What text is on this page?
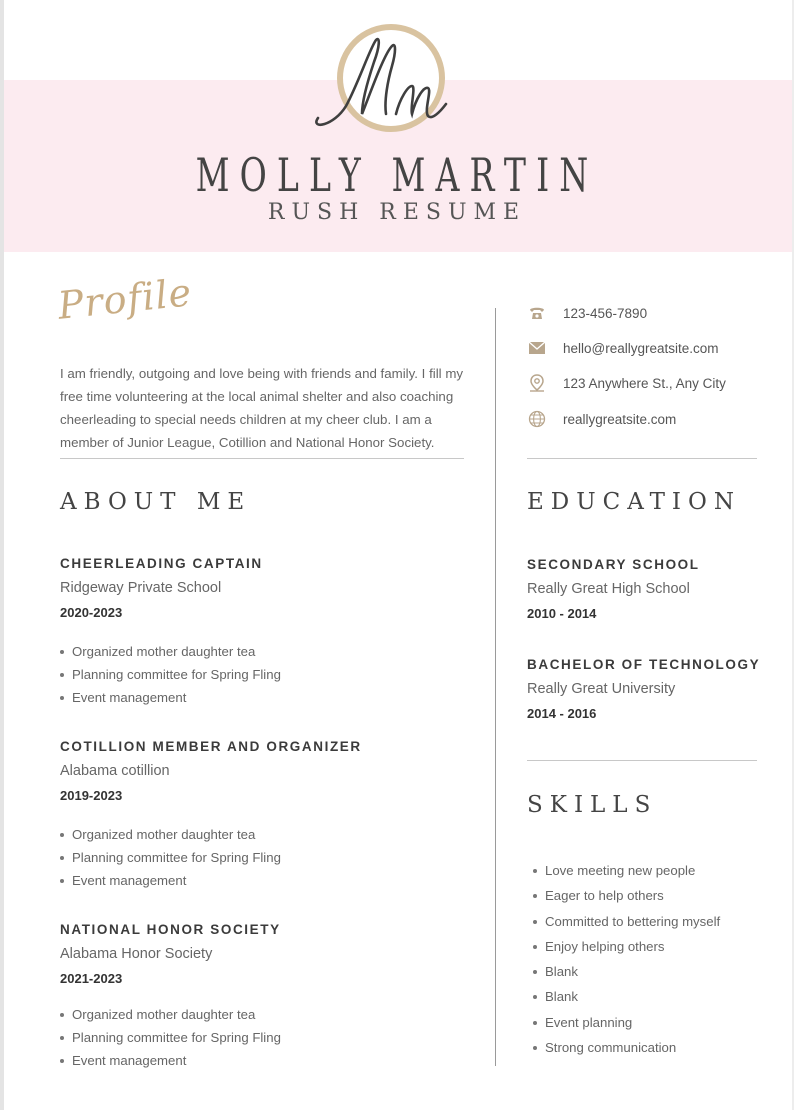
MOLLY MARTIN
RUSH RESUME
Profile
I am friendly, outgoing and love being with friends and family. I fill my free time volunteering at the local animal shelter and also coaching cheerleading to special needs children at my cheer club. I am a member of Junior League, Cotillion and National Honor Society.
123-456-7890
hello@reallygreatsite.com
123 Anywhere St., Any City
reallygreatsite.com
ABOUT ME
CHEERLEADING CAPTAIN
Ridgeway Private School
2020-2023
Organized mother daughter tea
Planning committee for Spring Fling
Event management
COTILLION MEMBER AND ORGANIZER
Alabama cotillion
2019-2023
Organized mother daughter tea
Planning committee for Spring Fling
Event management
NATIONAL HONOR SOCIETY
Alabama Honor Society
2021-2023
Organized mother daughter tea
Planning committee for Spring Fling
Event management
EDUCATION
SECONDARY SCHOOL
Really Great High School
2010 - 2014
BACHELOR OF TECHNOLOGY
Really Great University
2014 - 2016
SKILLS
Love meeting new people
Eager to help others
Committed to bettering myself
Enjoy helping others
Blank
Blank
Event planning
Strong communication
